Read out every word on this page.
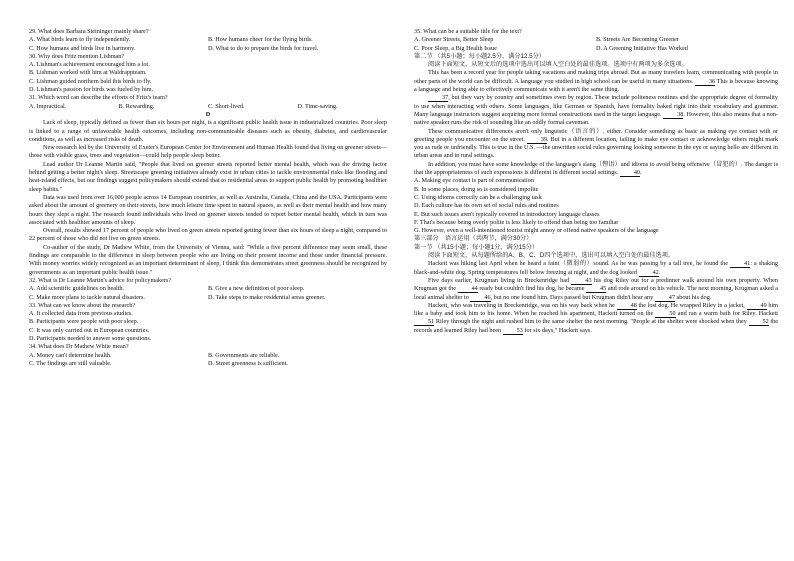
29. What does Barbara Steininger mainly share?

A. What birds learn to fly independently.	B. How humans cheer for the flying birds.
C. How humans and birds live in harmony.	D. What to do to prepare the birds for travel.

30. Why does Fritz mention Lishman?

A. Lishman's achievement encouraged him a lot.
B. Lishman worked with him at Waldrappteam.
C. Lishman guided northern bald ibis birds to fly.
D. Lishman's passion for birds was fueled by him.

31. Which word can describe the efforts of Fritz's team?

A. Impractical.	B. Rewarding.	C. Short-lived.	D. Time-saving.

D

Lack of sleep, typically defined as fewer than six hours per night, is a significant public health issue in industrialized countries. Poor sleep is linked to a range of unfavorable health outcomes, including non-communicable diseases such as obesity, diabetes, and cardiovascular conditions, as well as increased risks of death.

New research led by the University of Exeter's European Center for Environment and Human Health found that living on greener streets—those with visible grass, trees and vegetation—could help people sleep better.

Lead author Dr Leanne Martin said, "People that lived on greener streets reported better mental health, which was the driving factor behind getting a better night's sleep. Streetscape greening initiatives already exist in urban cities to tackle environmental risks like flooding and heat-island effects, but our findings suggest policymakers should extend that to residential areas to support public health by promoting healthier sleep habits."

Data was used from over 16,000 people across 14 European countries, as well as Australia, Canada, China and the USA. Participants were asked about the amount of greenery on their streets, how much leisure time spent in natural spaces, as well as their mental health and how many hours they slept a night. The research found individuals who lived on greener streets tended to report better mental health, which in turn was associated with healthier amounts of sleep.

Overall, results showed 17 percent of people who lived on green streets reported getting fewer than six hours of sleep a night, compared to 22 percent of those who did not live on green streets.

Co-author of the study, Dr Mathew White, from the University of Vienna, said: "While a five percent difference may seem small, these findings are comparable to the difference in sleep between people who are living on their present income and those under financial pressure. With money worries widely recognized as an important determinant of sleep, I think this demonstrates street greenness should be recognized by governments as an important public health issue."

32. What is Dr Leanne Martin's advice for policymakers?

A. Add scientific guidelines on health.	B. Give a new definition of poor sleep.
C. Make more plans to tackle natural disasters.	D. Take steps to make residential areas greener.

33. What can we know about the research?

A. It collected data from previous studies.
B. Participants were people with poor sleep.
C. It was only carried out in European countries.
D. Participants needed to answer some questions.

34. What does Dr Mathew White mean?

A. Money can't determine health.	B. Governments are reliable.
C. The findings are still valuable.	D. Street greenness is sufficient.

35. What can be a suitable title for the text?

A. Greener Streets, Better Sleep	B. Streets Are Becoming Greener
C. Poor Sleep, a Big Health Issue	D. A Greening Initiative Has Worked

第二节 （共5小题；每小题2.5分，满分12.5分）

阅读下面短文，从短文后的选项中选出可以填入空白处的最佳选项。选项中有两项为多余选项。

This has been a record year for people taking vacations and making trips abroad. But as many travelers learn, communicating with people in other parts of the world can be difficult. A language you studied in high school can be useful in many situations. 36 This is because knowing a language and being able to effectively communicate with it aren't the same thing.

37, but they vary by country and sometimes even by region. These include politeness routines and the appropriate degree of formality to use when interacting with others. Some languages, like German or Spanish, have formality baked right into their vocabulary and grammar. Many language instructors suggest acquiring more formal constructions used in the target language. 38. However, this also means that a non-native speaker runs the risk of sounding like an oddly formal caveman.

These communicative differences aren't only linguistic（语言的）, either. Consider something as basic as making eye contact with or greeting people you encounter on the street. 39. But in a different location, failing to make eye contact or acknowledge others might mark you as rude or unfriendly. This is true in the U.S. —the unwritten social rules governing looking someone in the eye or saying hello are different in urban areas and in rural settings.

In addition, you must have some knowledge of the language's slang（俚语）and idioms to avoid being offensive（冒犯的）. The danger is that the appropriateness of such expressions is different in different social settings. 40.

A. Making eye contact is part of communication
B. In some places, doing so is considered impolite
C. Using idioms correctly can be a challenging task
D. Each culture has its own set of social rules and routines
E. But such issues aren't typically covered in introductory language classes
F. That's because being overly polite is less likely to offend than being too familiar
G. However, even a well-intentioned tourist might annoy or offend native speakers of the language

第三部分　语言运用（共两节，满分30分）

第一节 （共15小题；每小题1分，满分15分）

阅读下面短文，从每题所给的A、B、C、D四个选项中，选出可以填入空白处的最佳选项。

Hackett was hiking last April when he heard a faint（微弱的）sound. As he was passing by a tall tree, he found the 41: a shaking black-and-white dog. Spring temperatures fell below freezing at night, and the dog looked 42.

Five days earlier, Krugman living in Breckenridge had 43 his dog Riley out for a predinner walk around his own property. When Krugman got the 44 ready but couldn't find his dog, he became 45 and rode around on his vehicle. The next morning, Krugman asked a local animal shelter to 46, but no one found him. Days passed but Krugman didn't hear any 47 about his dog.

Hackett, who was traveling in Breckenridge, was on his way back when he 48 the lost dog. He wrapped Riley in a jacket, 49 him like a baby and took him to his home. When he reached his apartment, Hackett turned on the 50 and ran a warm bath for Riley. Hackett 51 Riley through the night and rushed him to the same shelter the next morning. "People at the shelter were shocked when they 52 the records and learned Riley had been 53 for six days," Hackett says.
